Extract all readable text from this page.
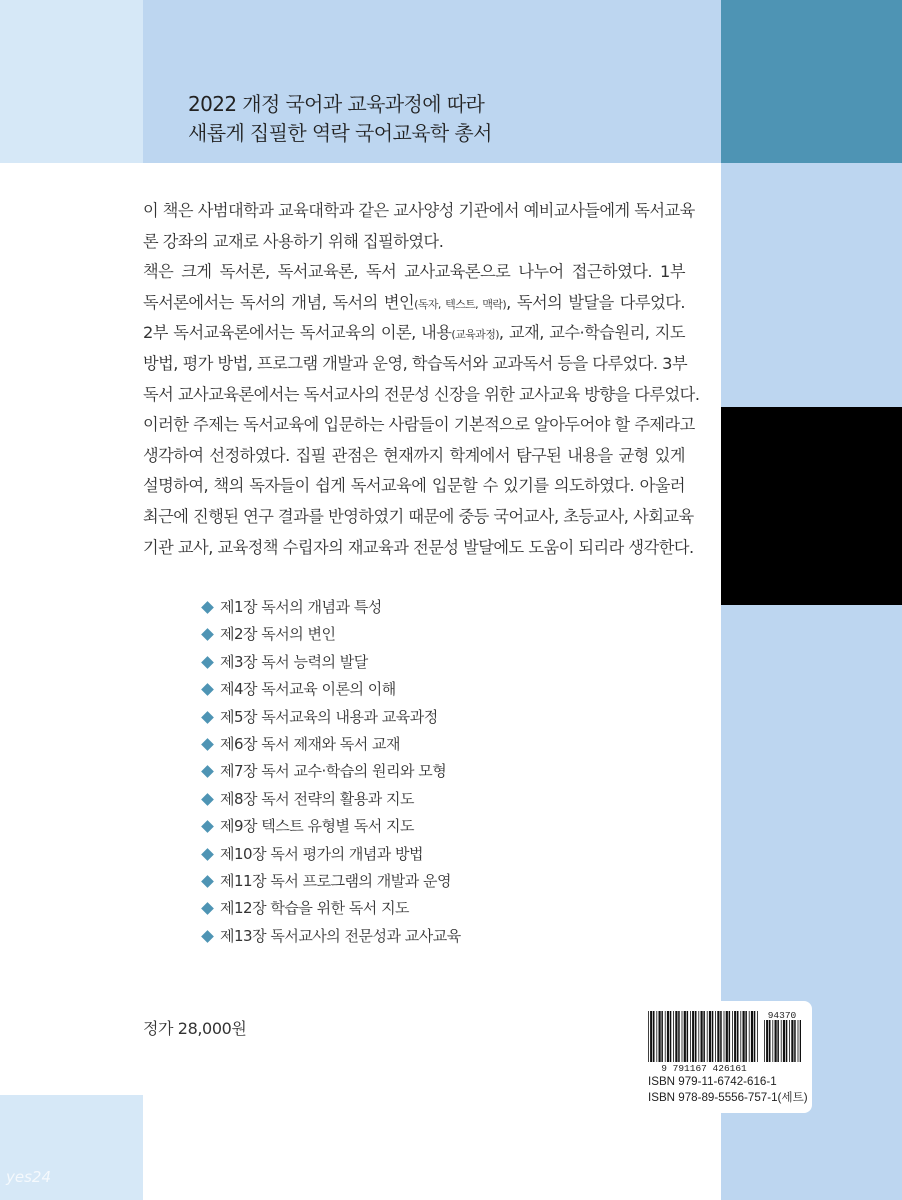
2022 개정 국어과 교육과정에 따라
새롭게 집필한 역락 국어교육학 총서
이 책은 사범대학과 교육대학과 같은 교사양성 기관에서 예비교사들에게 독서교육
론 강좌의 교재로 사용하기 위해 집필하였다.
책은 크게 독서론, 독서교육론, 독서 교사교육론으로 나누어 접근하였다. 1부
독서론에서는 독서의 개념, 독서의 변인(독자, 텍스트, 맥락), 독서의 발달을 다루었다.
2부 독서교육론에서는 독서교육의 이론, 내용(교육과정), 교재, 교수·학습원리, 지도
방법, 평가 방법, 프로그램 개발과 운영, 학습독서와 교과독서 등을 다루었다. 3부
독서 교사교육론에서는 독서교사의 전문성 신장을 위한 교사교육 방향을 다루었다.
이러한 주제는 독서교육에 입문하는 사람들이 기본적으로 알아두어야 할 주제라고
생각하여 선정하였다. 집필 관점은 현재까지 학계에서 탐구된 내용을 균형 있게
설명하여, 책의 독자들이 쉽게 독서교육에 입문할 수 있기를 의도하였다. 아울러
최근에 진행된 연구 결과를 반영하였기 때문에 중등 국어교사, 초등교사, 사회교육
기관 교사, 교육정책 수립자의 재교육과 전문성 발달에도 도움이 되리라 생각한다.
제1장 독서의 개념과 특성
제2장 독서의 변인
제3장 독서 능력의 발달
제4장 독서교육 이론의 이해
제5장 독서교육의 내용과 교육과정
제6장 독서 제재와 독서 교재
제7장 독서 교수·학습의 원리와 모형
제8장 독서 전략의 활용과 지도
제9장 텍스트 유형별 독서 지도
제10장 독서 평가의 개념과 방법
제11장 독서 프로그램의 개발과 운영
제12장 학습을 위한 독서 지도
제13장 독서교사의 전문성과 교사교육
정가 28,000원
94370
9 791167 426161
ISBN 979-11-6742-616-1
ISBN 978-89-5556-757-1(세트)
yes24
